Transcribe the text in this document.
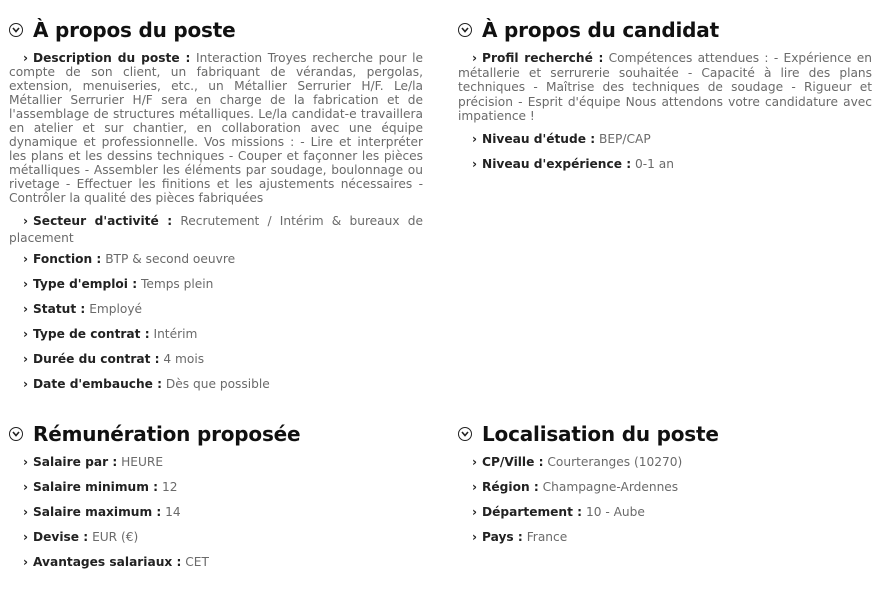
À propos du poste
› Description du poste : Interaction Troyes recherche pour le compte de son client, un fabriquant de vérandas, pergolas, extension, menuiseries, etc., un Métallier Serrurier H/F. Le/la Métallier Serrurier H/F sera en charge de la fabrication et de l'assemblage de structures métalliques. Le/la candidat-e travaillera en atelier et sur chantier, en collaboration avec une équipe dynamique et professionnelle. Vos missions : - Lire et interpréter les plans et les dessins techniques - Couper et façonner les pièces métalliques - Assembler les éléments par soudage, boulonnage ou rivetage - Effectuer les finitions et les ajustements nécessaires - Contrôler la qualité des pièces fabriquées
› Secteur d'activité : Recrutement / Intérim & bureaux de placement
› Fonction : BTP & second oeuvre
› Type d'emploi : Temps plein
› Statut : Employé
› Type de contrat : Intérim
› Durée du contrat : 4 mois
› Date d'embauche : Dès que possible
À propos du candidat
› Profil recherché : Compétences attendues : - Expérience en métallerie et serrurerie souhaitée - Capacité à lire des plans techniques - Maîtrise des techniques de soudage - Rigueur et précision - Esprit d'équipe Nous attendons votre candidature avec impatience !
› Niveau d'étude : BEP/CAP
› Niveau d'expérience : 0-1 an
Rémunération proposée
› Salaire par : HEURE
› Salaire minimum : 12
› Salaire maximum : 14
› Devise : EUR (€)
› Avantages salariaux : CET
Localisation du poste
› CP/Ville : Courteranges (10270)
› Région : Champagne-Ardennes
› Département : 10 - Aube
› Pays : France
